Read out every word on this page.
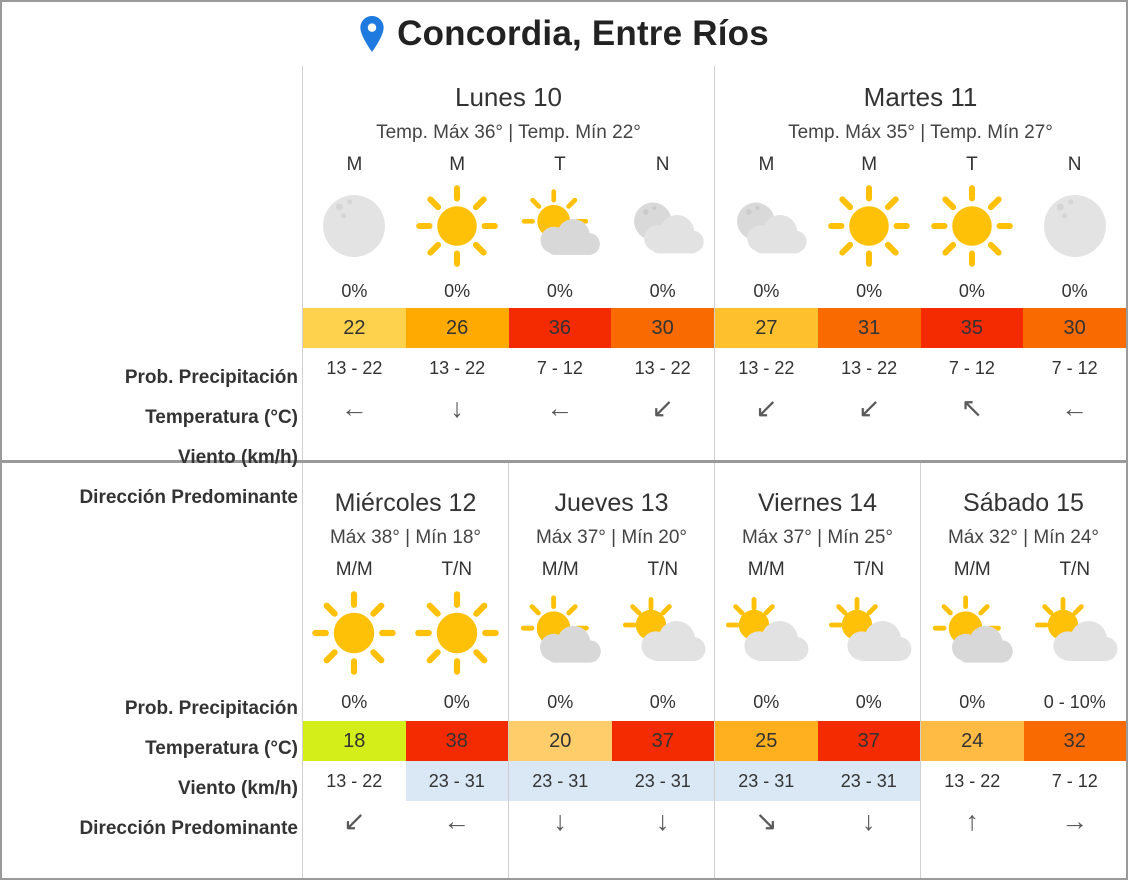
Concordia, Entre Ríos
Prob. Precipitación
Temperatura (°C)
Viento (km/h)
Dirección Predominante
Lunes 10
Temp. Máx 36° | Temp. Mín 22°
M
0%
22
13 - 22
←
M
0%
26
13 - 22
↓
T
0%
36
7 - 12
←
N
0%
30
13 - 22
↙
Martes 11
Temp. Máx 35° | Temp. Mín 27°
M
0%
27
13 - 22
↙
M
0%
31
13 - 22
↙
T
0%
35
7 - 12
↖
N
0%
30
7 - 12
←
Prob. Precipitación
Temperatura (°C)
Viento (km/h)
Dirección Predominante
Miércoles 12
Máx 38° | Mín 18°
M/M
0%
18
13 - 22
↙
T/N
0%
38
23 - 31
←
Jueves 13
Máx 37° | Mín 20°
M/M
0%
20
23 - 31
↓
T/N
0%
37
23 - 31
↓
Viernes 14
Máx 37° | Mín 25°
M/M
0%
25
23 - 31
↘
T/N
0%
37
23 - 31
↓
Sábado 15
Máx 32° | Mín 24°
M/M
0%
24
13 - 22
↑
T/N
0 - 10%
32
7 - 12
→
